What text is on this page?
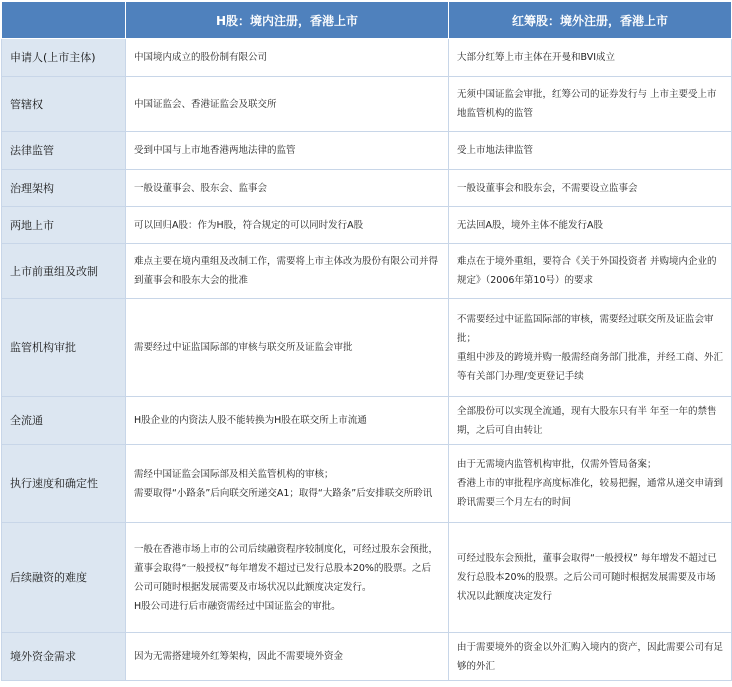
	H股：境内注册，香港上市	红筹股：境外注册，香港上市
申请人(上市主体)	中国境内成立的股份制有限公司	大部分红筹上市主体在开曼和BVI成立

管辖权	中国证监会、香港证监会及联交所	无须中国证监会审批，红筹公司的证券发行与 上市主要受上市地监管机构的监管

法律监管	受到中国与上市地香港两地法律的监管	受上市地法律监管

治理架构	一般设董事会、股东会、监事会	一般设董事会和股东会，不需要设立监事会

两地上市	可以回归A股：作为H股，符合规定的可以同时发行A股	无法回A股，境外主体不能发行A股

上市前重组及改制	难点主要在境内重组及改制工作，需要将上市主体改为股份有限公司并得到董事会和股东大会的批准	难点在于境外重组，要符合《关于外国投资者 并购境内企业的规定》（2006年第10号）的要求

监管机构审批	需要经过中证监国际部的审核与联交所及证监会审批	不需要经过中证监国际部的审核，需要经过联交所及证监会审批；
重组中涉及的跨境并购一般需经商务部门批准，并经工商、外汇等有关部门办理/变更登记手续

全流通	H股企业的内资法人股不能转换为H股在联交所上市流通	全部股份可以实现全流通，现有大股东只有半 年至一年的禁售期，之后可自由转让

执行速度和确定性	需经中国证监会国际部及相关监管机构的审核；
需要取得“小路条”后向联交所递交A1；取得“大路条”后安排联交所聆讯	由于无需境内监管机构审批，仅需外管局备案；
香港上市的审批程序高度标准化，较易把握，通常从递交申请到聆讯需要三个月左右的时间

后续融资的难度	一般在香港市场上市的公司后续融资程序较制度化，可经过股东会预批，董事会取得“一般授权”每年增发不超过已发行总股本20%的股票。之后公司可随时根据发展需要及市场状况以此额度决定发行。
H股公司进行后市融资需经过中国证监会的审批。	可经过股东会预批，董事会取得“一般授权” 每年增发不超过已发行总股本20%的股票。之后公司可随时根据发展需要及市场状况以此额度决定发行

境外资金需求	因为无需搭建境外红筹架构，因此不需要境外资金	由于需要境外的资金以外汇购入境内的资产，因此需要公司有足够的外汇
